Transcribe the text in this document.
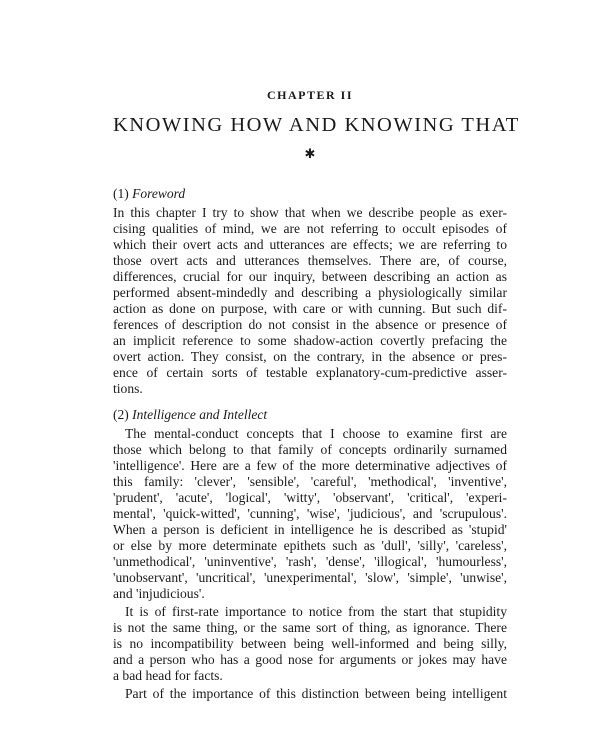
CHAPTER II
KNOWING HOW AND KNOWING THAT
✱
(1) Foreword
In this chapter I try to show that when we describe people as exer-
cising qualities of mind, we are not referring to occult episodes of
which their overt acts and utterances are effects; we are referring to
those overt acts and utterances themselves. There are, of course,
differences, crucial for our inquiry, between describing an action as
performed absent-mindedly and describing a physiologically similar
action as done on purpose, with care or with cunning. But such dif-
ferences of description do not consist in the absence or presence of
an implicit reference to some shadow-action covertly prefacing the
overt action. They consist, on the contrary, in the absence or pres-
ence of certain sorts of testable explanatory-cum-predictive asser-
tions.
(2) Intelligence and Intellect
The mental-conduct concepts that I choose to examine first are
those which belong to that family of concepts ordinarily surnamed
'intelligence'. Here are a few of the more determinative adjectives of
this family: 'clever', 'sensible', 'careful', 'methodical', 'inventive',
'prudent', 'acute', 'logical', 'witty', 'observant', 'critical', 'experi-
mental', 'quick-witted', 'cunning', 'wise', 'judicious', and 'scrupulous'.
When a person is deficient in intelligence he is described as 'stupid'
or else by more determinate epithets such as 'dull', 'silly', 'careless',
'unmethodical', 'uninventive', 'rash', 'dense', 'illogical', 'humourless',
'unobservant', 'uncritical', 'unexperimental', 'slow', 'simple', 'unwise',
and 'injudicious'.
It is of first-rate importance to notice from the start that stupidity
is not the same thing, or the same sort of thing, as ignorance. There
is no incompatibility between being well-informed and being silly,
and a person who has a good nose for arguments or jokes may have
a bad head for facts.
Part of the importance of this distinction between being intelligent
